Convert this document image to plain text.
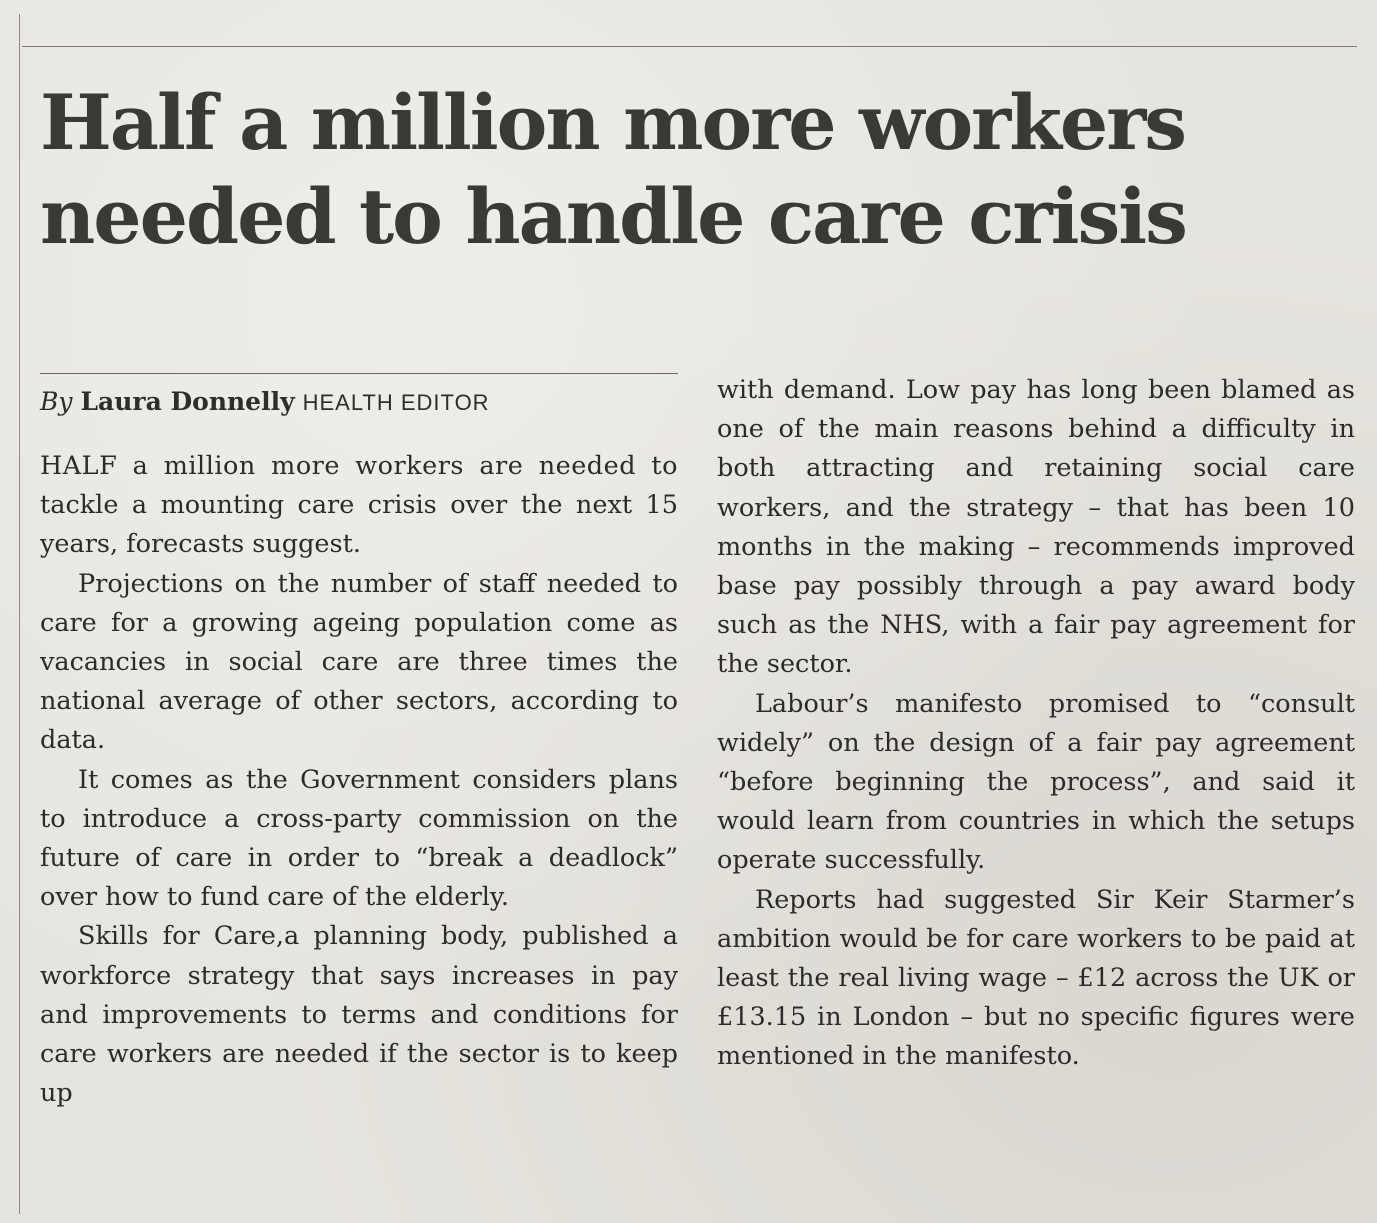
Half a million more workers
needed to handle care crisis
By Laura Donnelly HEALTH EDITOR

HALF a million more workers are needed to tackle a mounting care crisis over the next 15 years, forecasts suggest.

Projections on the number of staff needed to care for a growing ageing population come as vacancies in social care are three times the national average of other sectors, according to data.

It comes as the Government considers plans to introduce a cross-party commission on the future of care in order to “break a deadlock” over how to fund care of the elderly.

Skills for Care,a planning body, published a workforce strategy that says increases in pay and improvements to terms and conditions for care workers are needed if the sector is to keep up

with demand. Low pay has long been blamed as one of the main reasons behind a difficulty in both attracting and retaining social care workers, and the strategy – that has been 10 months in the making – recommends improved base pay possibly through a pay award body such as the NHS, with a fair pay agreement for the sector.

Labour’s manifesto promised to “consult widely” on the design of a fair pay agreement “before beginning the process”, and said it would learn from countries in which the setups operate successfully.

Reports had suggested Sir Keir Starmer’s ambition would be for care workers to be paid at least the real living wage – £12 across the UK or £13.15 in London – but no specific figures were mentioned in the manifesto.
